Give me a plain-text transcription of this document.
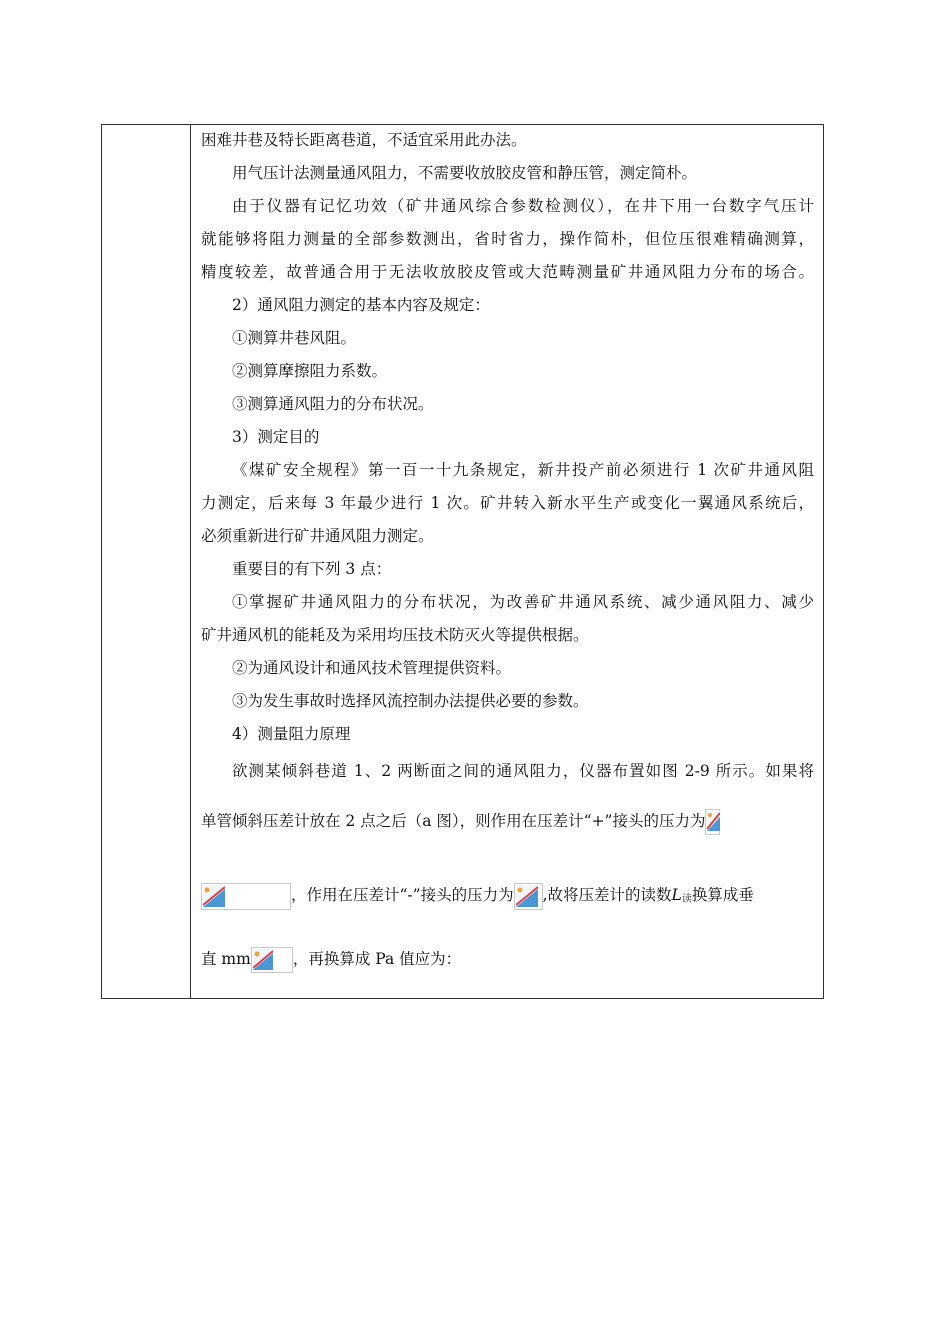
困难井巷及特长距离巷道，不适宜采用此办法。
用气压计法测量通风阻力，不需要收放胶皮管和静压管，测定简朴。
由于仪器有记忆功效（矿井通风综合参数检测仪），在井下用一台数字气压计
就能够将阻力测量的全部参数测出，省时省力，操作简朴，但位压很难精确测算，
精度较差，故普通合用于无法收放胶皮管或大范畴测量矿井通风阻力分布的场合。
2）通风阻力测定的基本内容及规定：
①测算井巷风阻。
②测算摩擦阻力系数。
③测算通风阻力的分布状况。
3）测定目的
《煤矿安全规程》第一百一十九条规定，新井投产前必须进行 1 次矿井通风阻
力测定，后来每 3 年最少进行 1 次。矿井转入新水平生产或变化一翼通风系统后，
必须重新进行矿井通风阻力测定。
重要目的有下列 3 点：
①掌握矿井通风阻力的分布状况，为改善矿井通风系统、减少通风阻力、减少
矿井通风机的能耗及为采用均压技术防灭火等提供根据。
②为通风设计和通风技术管理提供资料。
③为发生事故时选择风流控制办法提供必要的参数。
4）测量阻力原理
欲测某倾斜巷道 1、2 两断面之间的通风阻力，仪器布置如图 2-9 所示。如果将
单管倾斜压差计放在 2 点之后（a 图），则作用在压差计“+”接头的压力为
，作用在压差计“-”接头的压力为 ,故将压差计的读数$L_读$换算成垂
直 mm	，再换算成 Pa 值应为：
